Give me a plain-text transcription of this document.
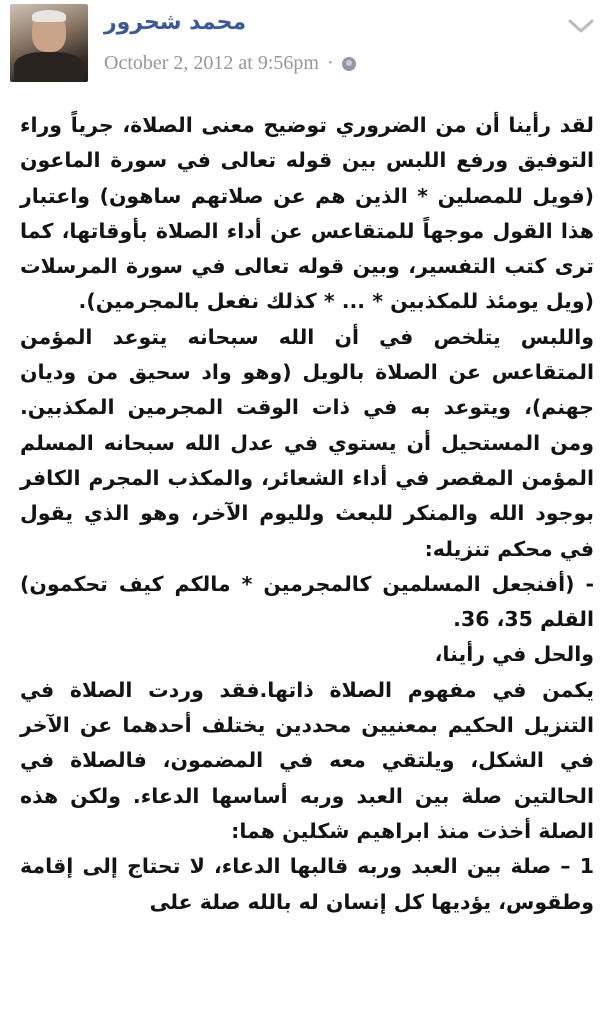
محمد شحرور
October 2, 2012 at 9:56pm ·

لقد رأينا أن من الضروري توضيح معنى الصلاة، جرياً وراء التوفيق ورفع اللبس بين قوله تعالى في سورة الماعون (فويل للمصلين * الذين هم عن صلاتهم ساهون) واعتبار هذا القول موجهاً للمتقاعس عن أداء الصلاة بأوقاتها، كما ترى كتب التفسير، وبين قوله تعالى في سورة المرسلات (ويل يومئذ للمكذبين * ... * كذلك نفعل بالمجرمين).

واللبس يتلخص في أن الله سبحانه يتوعد المؤمن المتقاعس عن الصلاة بالويل (وهو واد سحيق من وديان جهنم)، ويتوعد به في ذات الوقت المجرمين المكذبين. ومن المستحيل أن يستوي في عدل الله سبحانه المسلم المؤمن المقصر في أداء الشعائر، والمكذب المجرم الكافر بوجود الله والمنكر للبعث ولليوم الآخر، وهو الذي يقول في محكم تنزيله:

- (أفنجعل المسلمين كالمجرمين * مالكم كيف تحكمون) القلم 35، 36.

والحل في رأينا،

يكمن في مفهوم الصلاة ذاتها.فقد وردت الصلاة في التنزيل الحكيم بمعنيين محددين يختلف أحدهما عن الآخر في الشكل، ويلتقي معه في المضمون، فالصلاة في الحالتين صلة بين العبد وربه أساسها الدعاء. ولكن هذه الصلة أخذت منذ ابراهيم شكلين هما:

1 – صلة بين العبد وربه قالبها الدعاء، لا تحتاج إلى إقامة وطقوس، يؤديها كل إنسان له بالله صلة على
